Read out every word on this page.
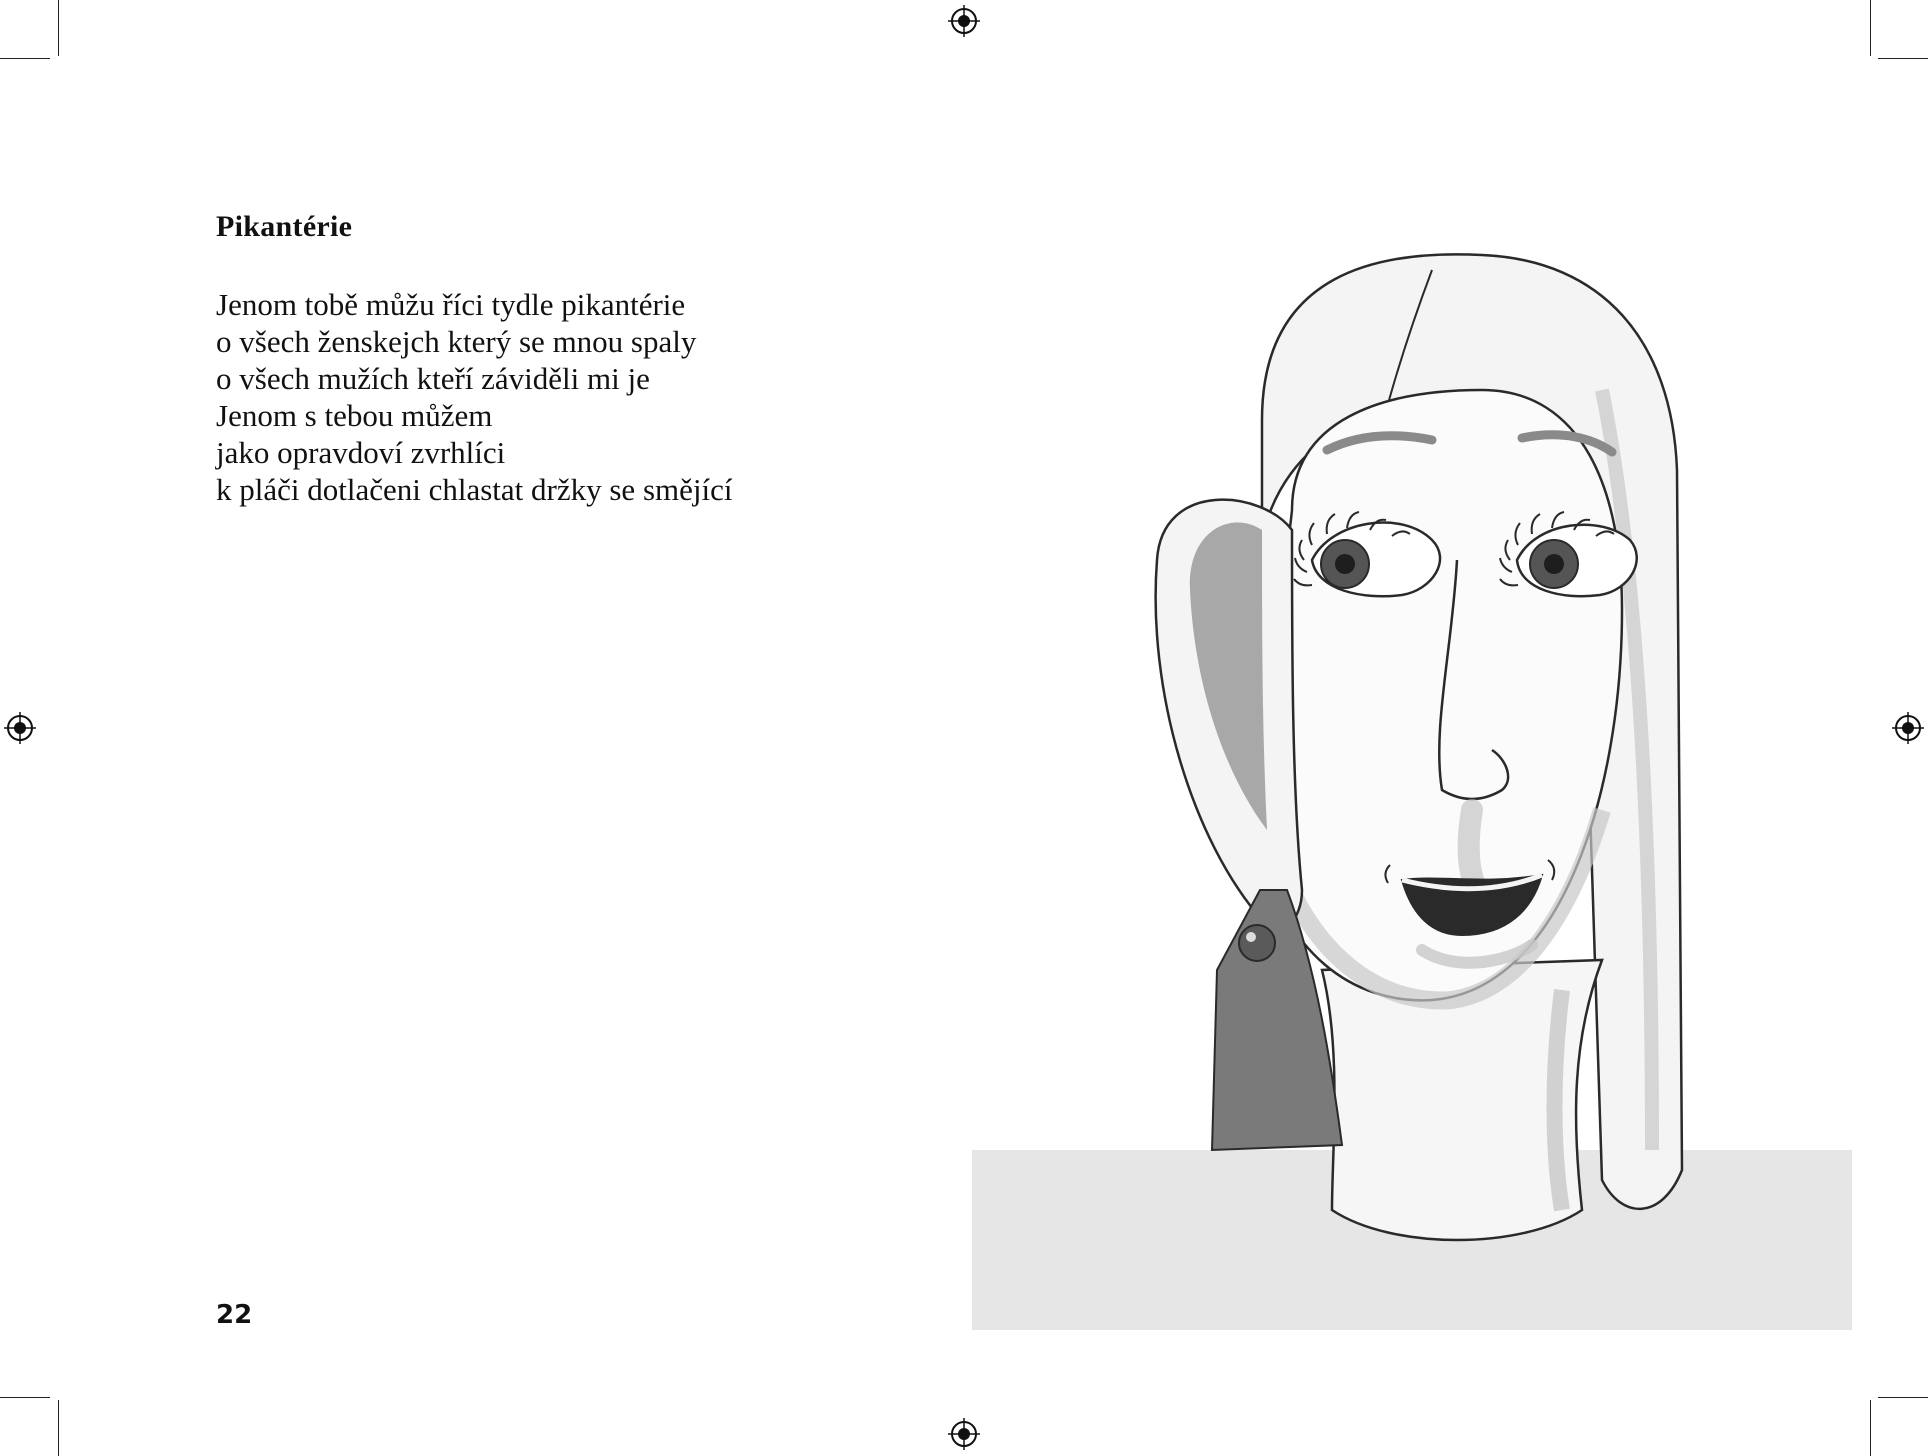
Pikantérie
Jenom tobě můžu říci tydle pikantérie
o všech ženskejch který se mnou spaly
o všech mužích kteří záviděli mi je
Jenom s tebou můžem
jako opravdoví zvrhlíci
k pláči dotlačeni chlastat držky se smějící
22
